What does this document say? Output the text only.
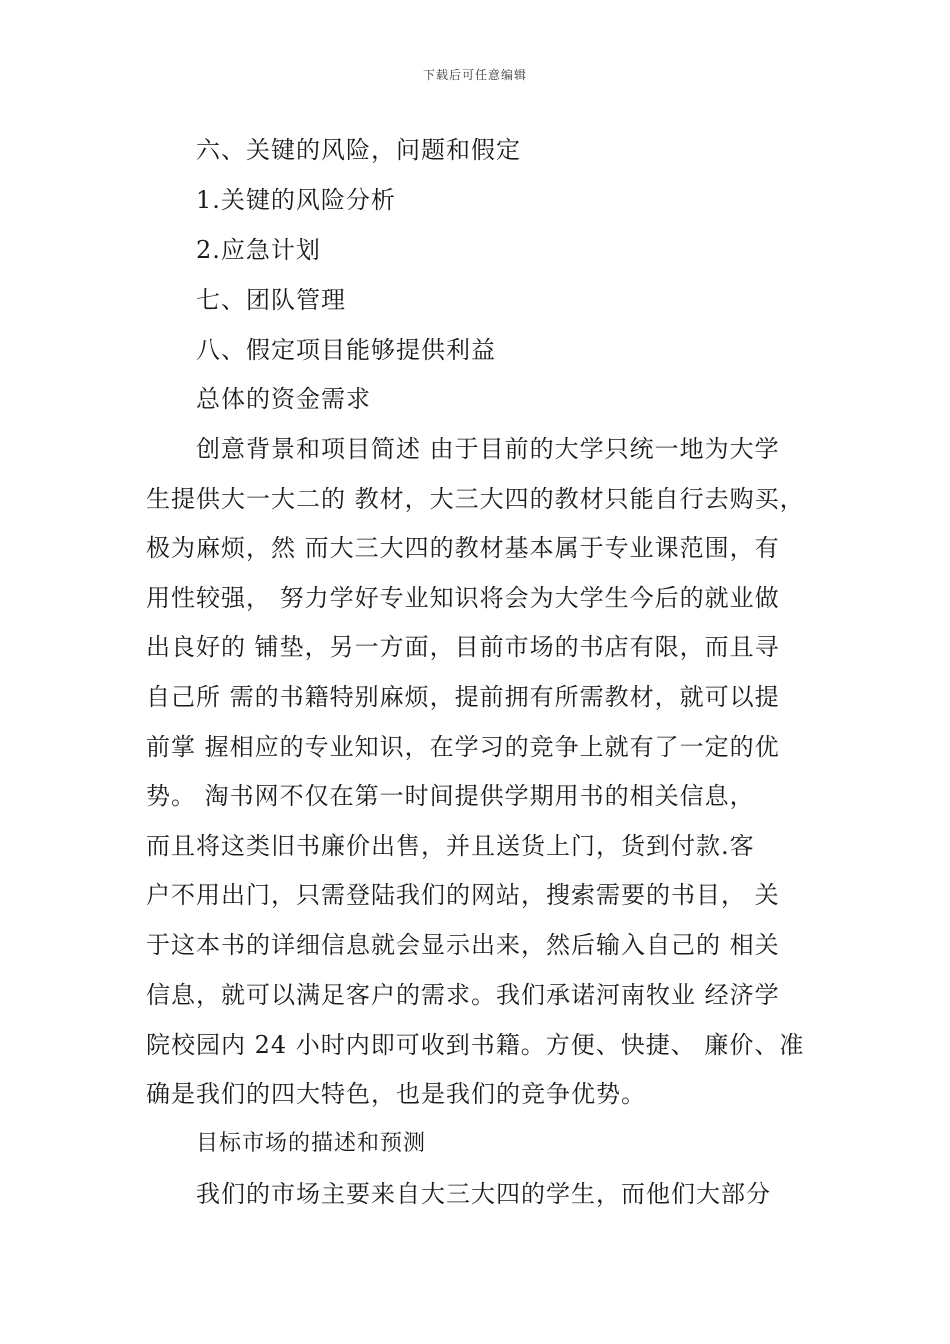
下载后可任意编辑
六、关键的风险，问题和假定
1.关键的风险分析
2.应急计划
七、团队管理
八、假定项目能够提供利益
总体的资金需求
创意背景和项目简述 由于目前的大学只统一地为大学
生提供大一大二的 教材，大三大四的教材只能自行去购买，
极为麻烦，然 而大三大四的教材基本属于专业课范围，有
用性较强， 努力学好专业知识将会为大学生今后的就业做
出良好的 铺垫，另一方面，目前市场的书店有限，而且寻
自己所 需的书籍特别麻烦，提前拥有所需教材，就可以提
前掌 握相应的专业知识，在学习的竞争上就有了一定的优
势。 淘书网不仅在第一时间提供学期用书的相关信息，
而且将这类旧书廉价出售，并且送货上门，货到付款.客
户不用出门，只需登陆我们的网站，搜索需要的书目， 关
于这本书的详细信息就会显示出来，然后输入自己的 相关
信息，就可以满足客户的需求。我们承诺河南牧业 经济学
院校园内 24 小时内即可收到书籍。方便、快捷、 廉价、准
确是我们的四大特色，也是我们的竞争优势。
目标市场的描述和预测
我们的市场主要来自大三大四的学生，而他们大部分
